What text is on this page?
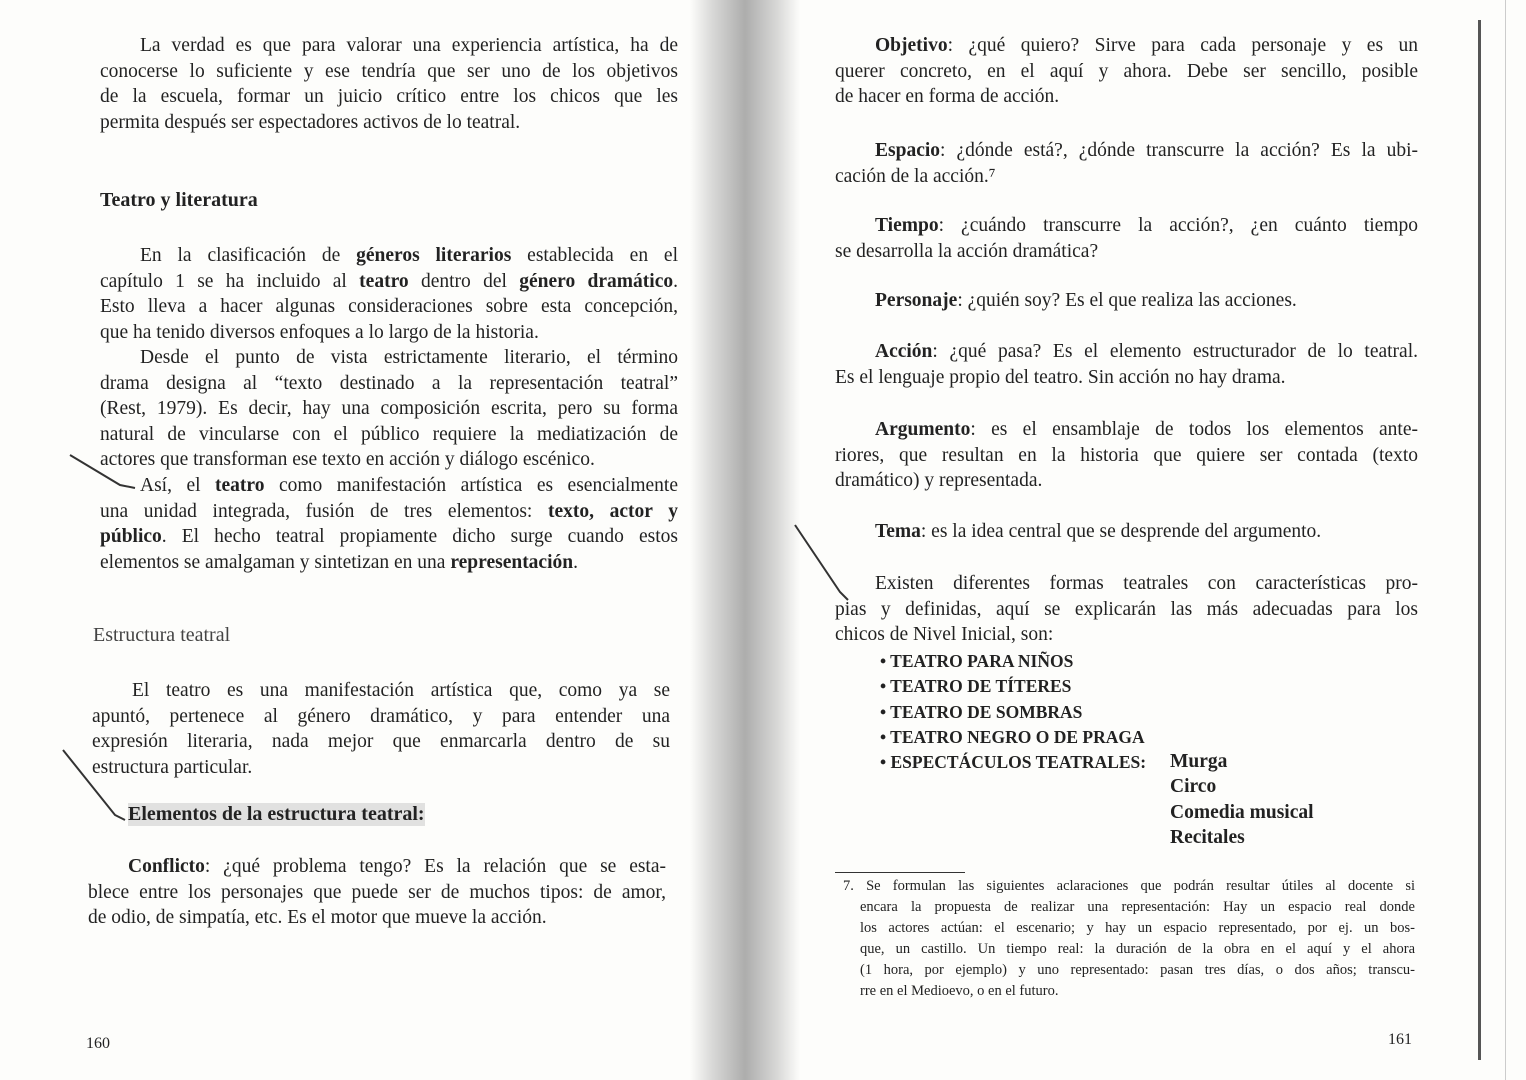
La verdad es que para valorar una experiencia artística, ha de
conocerse lo suficiente y ese tendría que ser uno de los objetivos
de la escuela, formar un juicio crítico entre los chicos que les
permita después ser espectadores activos de lo teatral.
Teatro y literatura
En la clasificación de géneros literarios establecida en el
capítulo 1 se ha incluido al teatro dentro del género dramático.
Esto lleva a hacer algunas consideraciones sobre esta concepción,
que ha tenido diversos enfoques a lo largo de la historia.
Desde el punto de vista estrictamente literario, el término
drama designa al “texto destinado a la representación teatral”
(Rest, 1979). Es decir, hay una composición escrita, pero su forma
natural de vincularse con el público requiere la mediatización de
actores que transforman ese texto en acción y diálogo escénico.
Así, el teatro como manifestación artística es esencialmente
una unidad integrada, fusión de tres elementos: texto, actor y
público. El hecho teatral propiamente dicho surge cuando estos
elementos se amalgaman y sintetizan en una representación.
Estructura teatral
El teatro es una manifestación artística que, como ya se
apuntó, pertenece al género dramático, y para entender una
expresión literaria, nada mejor que enmarcarla dentro de su
estructura particular.
Elementos de la estructura teatral:
Conflicto: ¿qué problema tengo? Es la relación que se esta-
blece entre los personajes que puede ser de muchos tipos: de amor,
de odio, de simpatía, etc. Es el motor que mueve la acción.
160
Objetivo: ¿qué quiero? Sirve para cada personaje y es un
querer concreto, en el aquí y ahora. Debe ser sencillo, posible
de hacer en forma de acción.
Espacio: ¿dónde está?, ¿dónde transcurre la acción? Es la ubi-
cación de la acción.⁷
Tiempo: ¿cuándo transcurre la acción?, ¿en cuánto tiempo
se desarrolla la acción dramática?
Personaje: ¿quién soy? Es el que realiza las acciones.
Acción: ¿qué pasa? Es el elemento estructurador de lo teatral.
Es el lenguaje propio del teatro. Sin acción no hay drama.
Argumento: es el ensamblaje de todos los elementos ante-
riores, que resultan en la historia que quiere ser contada (texto
dramático) y representada.
Tema: es la idea central que se desprende del argumento.
Existen diferentes formas teatrales con características pro-
pias y definidas, aquí se explicarán las más adecuadas para los
chicos de Nivel Inicial, son:
• TEATRO PARA NIÑOS
• TEATRO DE TÍTERES
• TEATRO DE SOMBRAS
• TEATRO NEGRO O DE PRAGA
• ESPECTÁCULOS TEATRALES: Murga
Circo
Comedia musical
Recitales
7. Se formulan las siguientes aclaraciones que podrán resultar útiles al docente si
encara la propuesta de realizar una representación: Hay un espacio real donde
los actores actúan: el escenario; y hay un espacio representado, por ej. un bos-
que, un castillo. Un tiempo real: la duración de la obra en el aquí y el ahora
(1 hora, por ejemplo) y uno representado: pasan tres días, o dos años; transcu-
rre en el Medioevo, o en el futuro.
161
